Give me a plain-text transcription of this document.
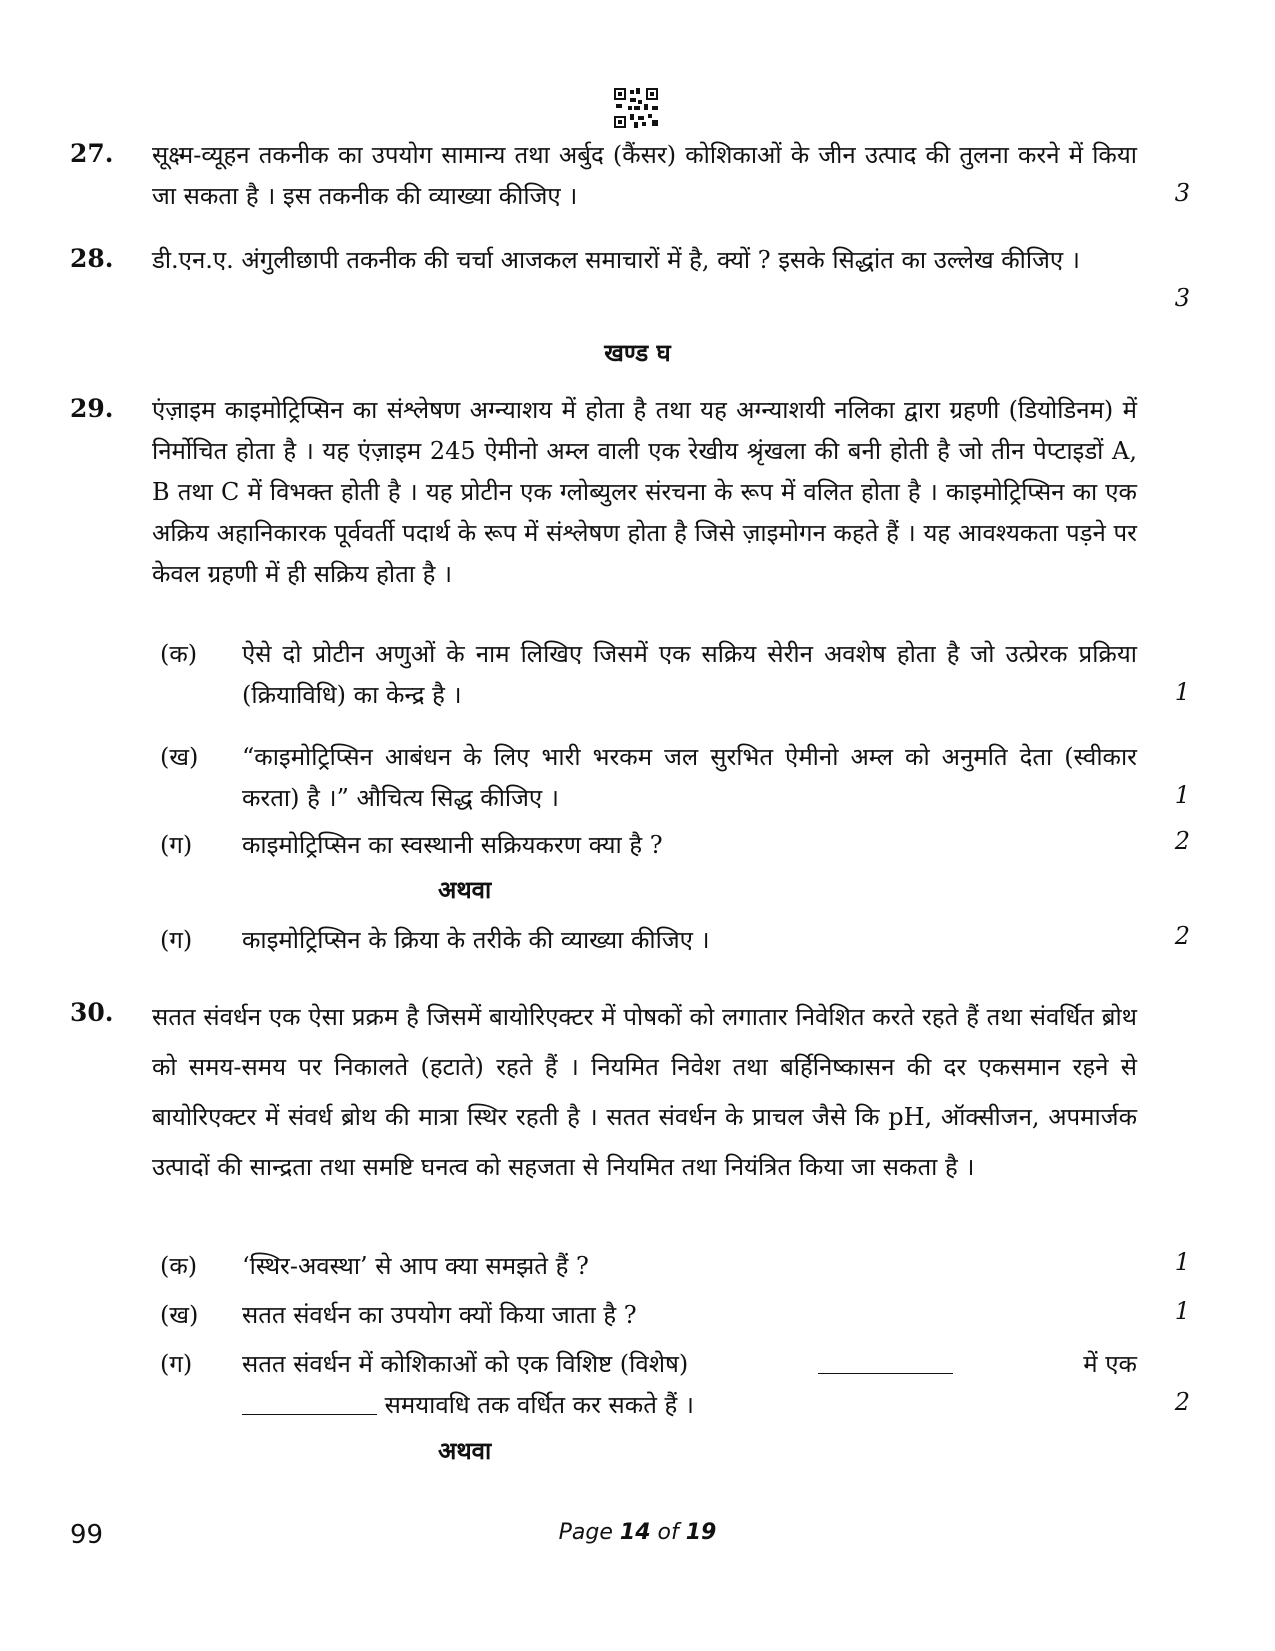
27.	सूक्ष्म-व्यूहन तकनीक का उपयोग सामान्य तथा अर्बुद (कैंसर) कोशिकाओं के जीन उत्पाद की तुलना करने में किया जा सकता है । इस तकनीक की व्याख्या कीजिए ।	3
28.	डी.एन.ए. अंगुलीछापी तकनीक की चर्चा आजकल समाचारों में है, क्यों ? इसके सिद्धांत का उल्लेख कीजिए ।
3
खण्ड घ
29.	एंज़ाइम काइमोट्रिप्सिन का संश्लेषण अग्न्याशय में होता है तथा यह अग्न्याशयी नलिका द्वारा ग्रहणी (डियोडिनम) में निर्मोचित होता है । यह एंज़ाइम 245 ऐमीनो अम्ल वाली एक रेखीय श्रृंखला की बनी होती है जो तीन पेप्टाइडों A, B तथा C में विभक्त होती है । यह प्रोटीन एक ग्लोब्युलर संरचना के रूप में वलित होता है । काइमोट्रिप्सिन का एक अक्रिय अहानिकारक पूर्ववर्ती पदार्थ के रूप में संश्लेषण होता है जिसे ज़ाइमोगन कहते हैं । यह आवश्यकता पड़ने पर केवल ग्रहणी में ही सक्रिय होता है ।
(क) ऐसे दो प्रोटीन अणुओं के नाम लिखिए जिसमें एक सक्रिय सेरीन अवशेष होता है जो उत्प्रेरक प्रक्रिया (क्रियाविधि) का केन्द्र है ।	1
(ख) “काइमोट्रिप्सिन आबंधन के लिए भारी भरकम जल सुरभित ऐमीनो अम्ल को अनुमति देता (स्वीकार करता) है ।” औचित्य सिद्ध कीजिए ।	1
(ग) काइमोट्रिप्सिन का स्वस्थानी सक्रियकरण क्या है ?	2
अथवा
(ग) काइमोट्रिप्सिन के क्रिया के तरीके की व्याख्या कीजिए ।	2
30.	सतत संवर्धन एक ऐसा प्रक्रम है जिसमें बायोरिएक्टर में पोषकों को लगातार निवेशित करते रहते हैं तथा संवर्धित ब्रोथ को समय-समय पर निकालते (हटाते) रहते हैं । नियमित निवेश तथा बर्हिनिष्कासन की दर एकसमान रहने से बायोरिएक्टर में संवर्ध ब्रोथ की मात्रा स्थिर रहती है । सतत संवर्धन के प्राचल जैसे कि pH, ऑक्सीजन, अपमार्जक उत्पादों की सान्द्रता तथा समष्टि घनत्व को सहजता से नियमित तथा नियंत्रित किया जा सकता है ।
(क) ‘स्थिर-अवस्था’ से आप क्या समझते हैं ?	1
(ख) सतत संवर्धन का उपयोग क्यों किया जाता है ?	1
(ग) सतत संवर्धन में कोशिकाओं को एक विशिष्ट (विशेष)	में एक
समयावधि तक वर्धित कर सकते हैं ।	2
अथवा
99	Page 14 of 19
